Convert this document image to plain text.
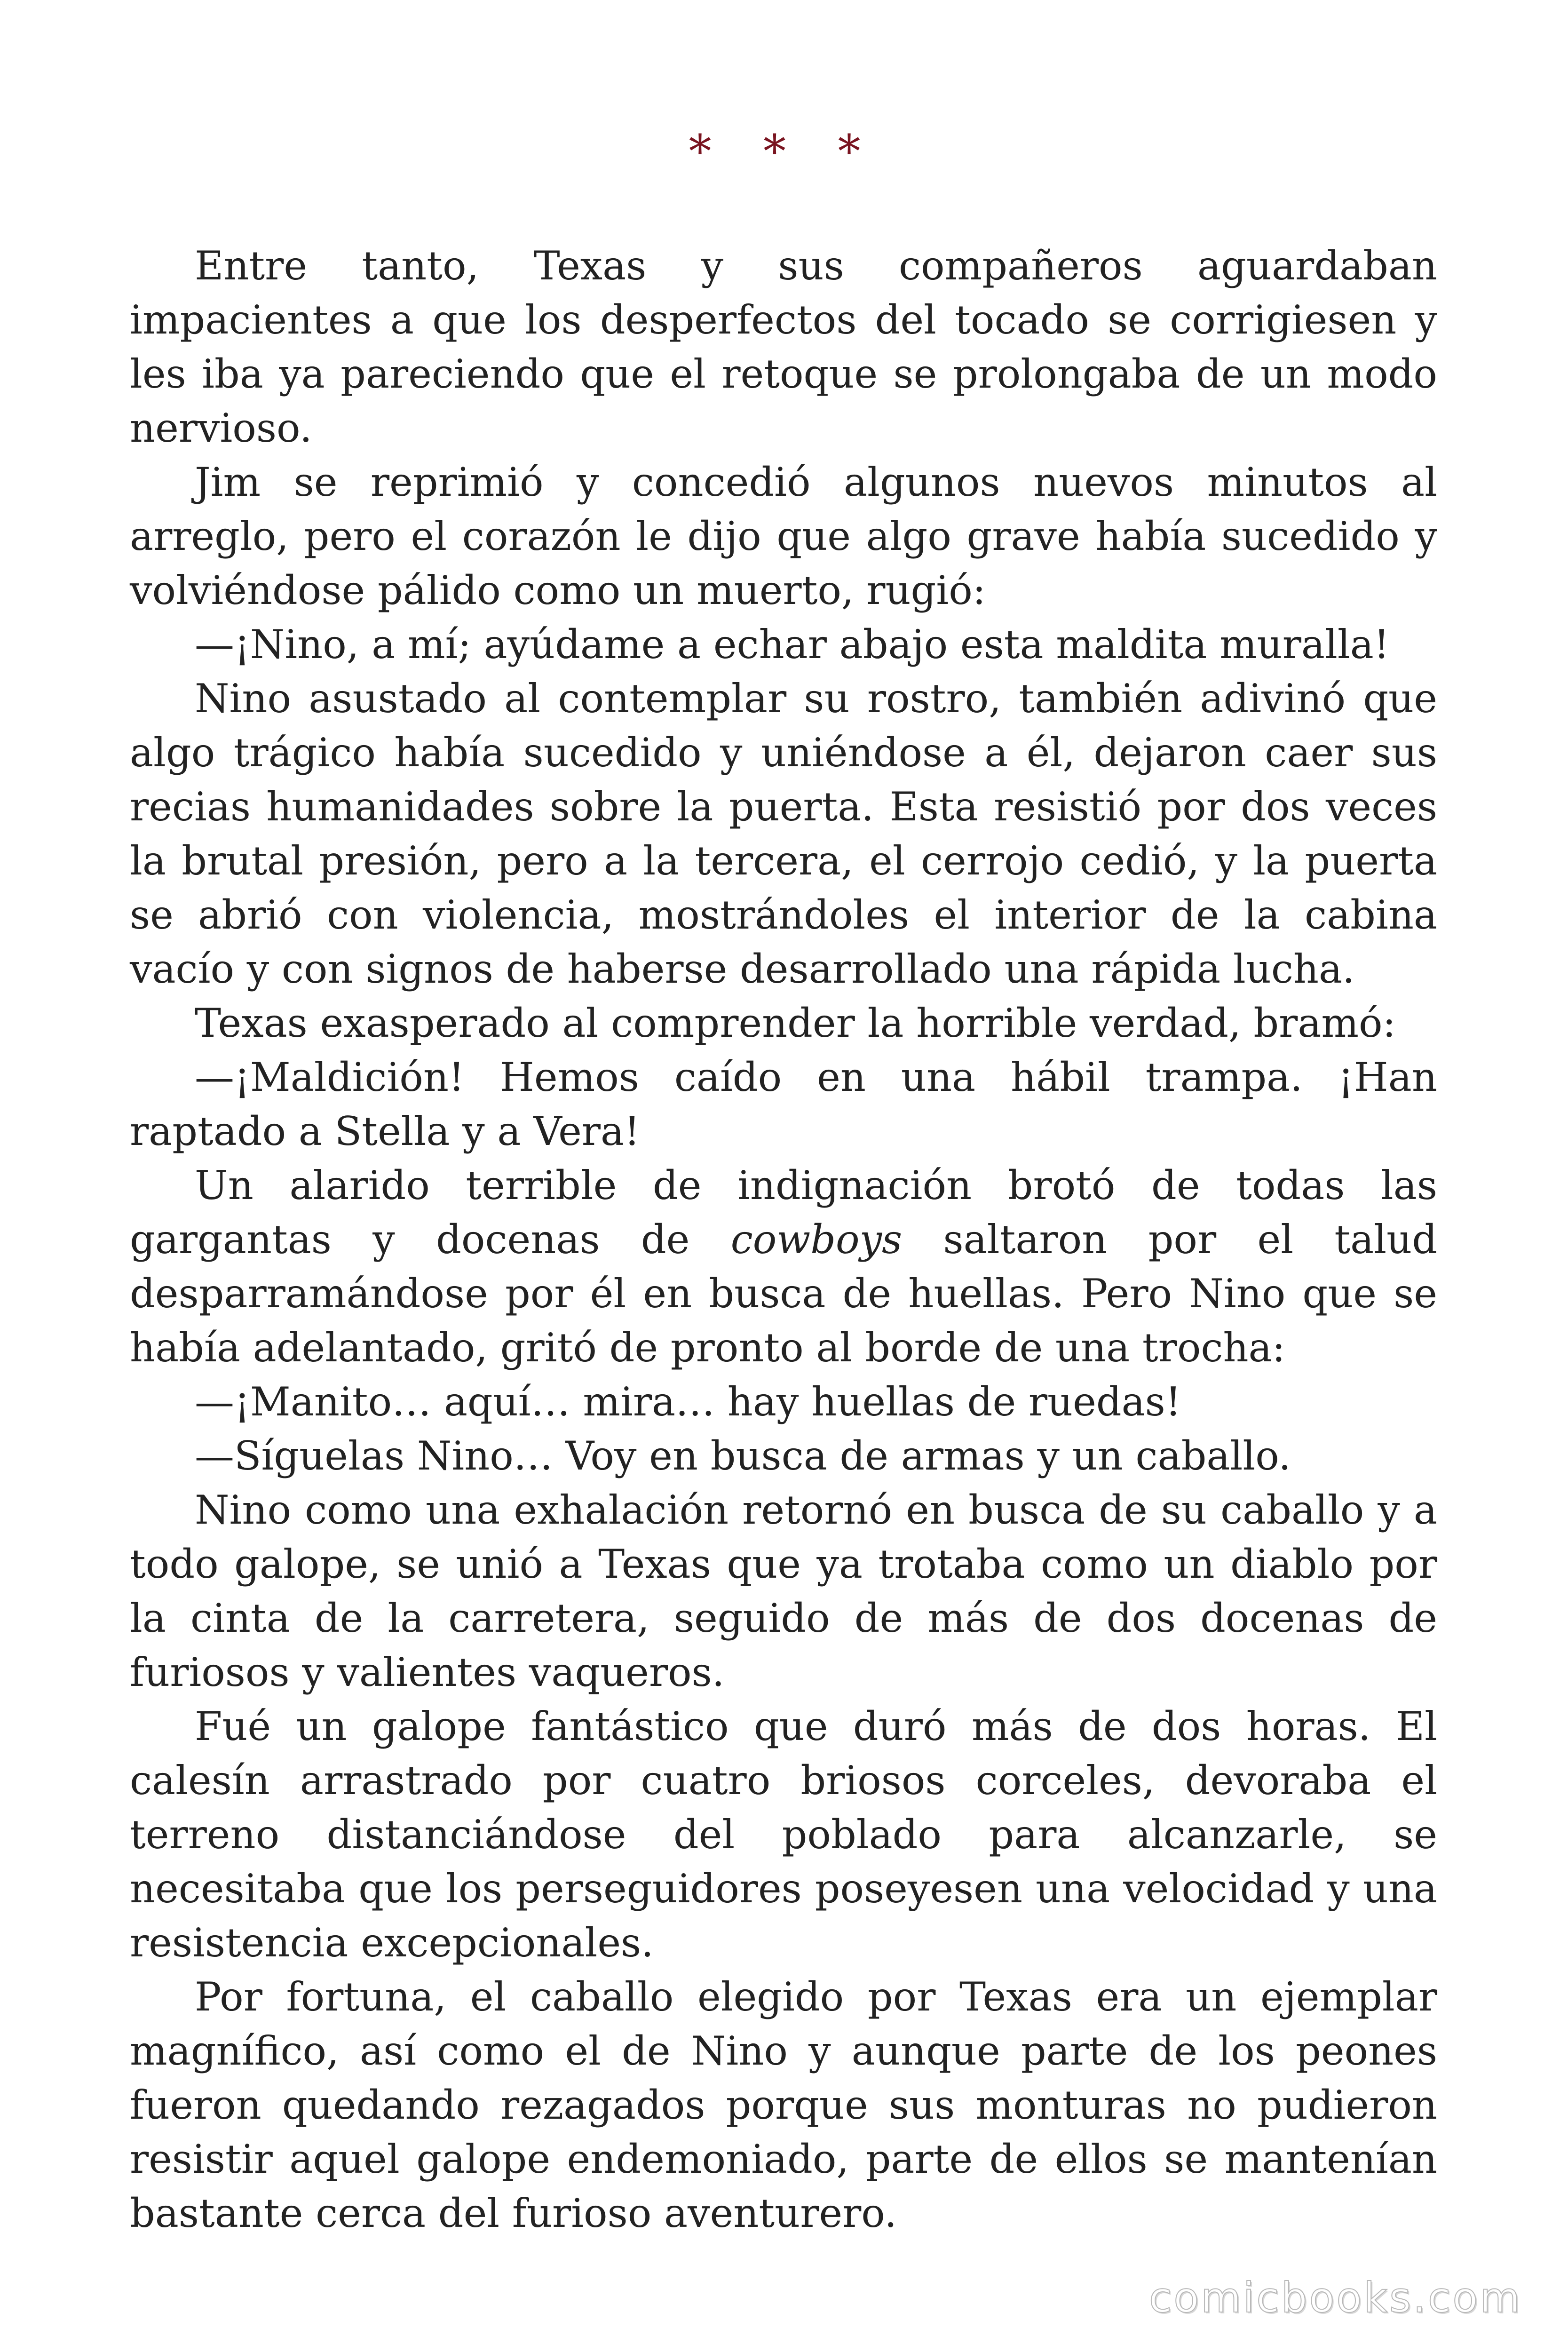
* * *

Entre tanto, Texas y sus compañeros aguardaban impacientes a que los desperfectos del tocado se corrigiesen y les iba ya pareciendo que el retoque se prolongaba de un modo nervioso.

Jim se reprimió y concedió algunos nuevos minutos al arreglo, pero el corazón le dijo que algo grave había sucedido y volviéndose pálido como un muerto, rugió:

—¡Nino, a mí; ayúdame a echar abajo esta maldita muralla!

Nino asustado al contemplar su rostro, también adivinó que algo trágico había sucedido y uniéndose a él, dejaron caer sus recias humanidades sobre la puerta. Esta resistió por dos veces la brutal presión, pero a la tercera, el cerrojo cedió, y la puerta se abrió con violencia, mostrándoles el interior de la cabina vacío y con signos de haberse desarrollado una rápida lucha.

Texas exasperado al comprender la horrible verdad, bramó:

—¡Maldición! Hemos caído en una hábil trampa. ¡Han raptado a Stella y a Vera!

Un alarido terrible de indignación brotó de todas las gargantas y docenas de cowboys saltaron por el talud desparramándose por él en busca de huellas. Pero Nino que se había adelantado, gritó de pronto al borde de una trocha:

—¡Manito… aquí… mira… hay huellas de ruedas!

—Síguelas Nino… Voy en busca de armas y un caballo.

Nino como una exhalación retornó en busca de su caballo y a todo galope, se unió a Texas que ya trotaba como un diablo por la cinta de la carretera, seguido de más de dos docenas de furiosos y valientes vaqueros.

Fué un galope fantástico que duró más de dos horas. El calesín arrastrado por cuatro briosos corceles, devoraba el terreno distanciándose del poblado para alcanzarle, se necesitaba que los perseguidores poseyesen una velocidad y una resistencia excepcionales.

Por fortuna, el caballo elegido por Texas era un ejemplar magnífico, así como el de Nino y aunque parte de los peones fueron quedando rezagados porque sus monturas no pudieron resistir aquel galope endemoniado, parte de ellos se mantenían bastante cerca del furioso aventurero.

comicbooks.com
